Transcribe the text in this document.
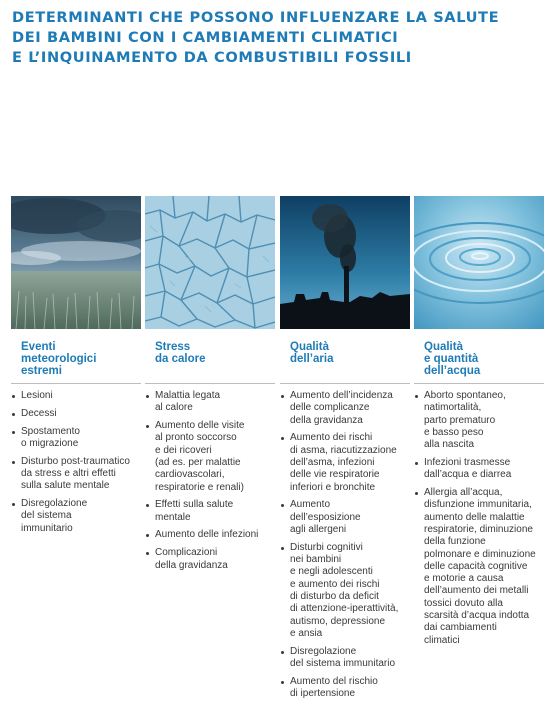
DETERMINANTI CHE POSSONO INFLUENZARE LA SALUTE
DEI BAMBINI CON I CAMBIAMENTI CLIMATICI
E L’INQUINAMENTO DA COMBUSTIBILI FOSSILI
Eventi
meteorologici
estremi
Lesioni
Decessi
Spostamento
o migrazione
Disturbo post-traumatico
da stress e altri effetti
sulla salute mentale
Disregolazione
del sistema
immunitario
Stress
da calore
Malattia legata
al calore
Aumento delle visite
al pronto soccorso
e dei ricoveri
(ad es. per malattie
cardiovascolari,
respiratorie e renali)
Effetti sulla salute
mentale
Aumento delle infezioni
Complicazioni
della gravidanza
Qualità
dell’aria
Aumento dell’incidenza
delle complicanze
della gravidanza
Aumento dei rischi
di asma, riacutizzazione
dell’asma, infezioni
delle vie respiratorie
inferiori e bronchite
Aumento
dell’esposizione
agli allergeni
Disturbi cognitivi
nei bambini
e negli adolescenti
e aumento dei rischi
di disturbo da deficit
di attenzione-iperattività,
autismo, depressione
e ansia
Disregolazione
del sistema immunitario
Aumento del rischio
di ipertensione
Qualità
e quantità
dell’acqua
Aborto spontaneo,
natimortalità,
parto prematuro
e basso peso
alla nascita
Infezioni trasmesse
dall’acqua e diarrea
Allergia all’acqua,
disfunzione immunitaria,
aumento delle malattie
respiratorie, diminuzione
della funzione
polmonare e diminuzione
delle capacità cognitive
e motorie a causa
dell’aumento dei metalli
tossici dovuto alla
scarsità d’acqua indotta
dai cambiamenti
climatici
